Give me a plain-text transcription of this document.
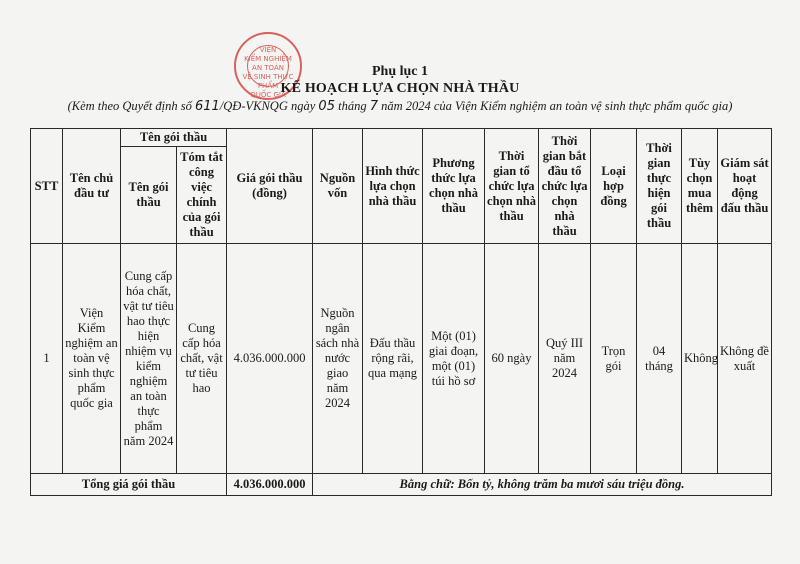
VIỆN
KIỂM NGHIỆM
AN TOÀN
VỆ SINH THỰC PHẨM
QUỐC GIA
Phụ lục 1
KẾ HOẠCH LỰA CHỌN NHÀ THẦU
(Kèm theo Quyết định số 611/QĐ-VKNQG ngày 05 tháng 7 năm 2024 của Viện Kiểm nghiệm an toàn vệ sinh thực phẩm quốc gia)
STT	Tên chủ đầu tư	Tên gói thầu		Giá gói thầu (đồng)	Nguồn vốn	Hình thức lựa chọn nhà thầu	Phương thức lựa chọn nhà thầu	Thời gian tổ chức lựa chọn nhà thầu	Thời gian bắt đầu tổ chức lựa chọn nhà thầu	Loại hợp đồng	Thời gian thực hiện gói thầu	Tùy chọn mua thêm	Giám sát hoạt động đấu thầu
		Tên gói thầu	Tóm tắt công việc chính của gói thầu										
1	Viện Kiểm nghiệm an toàn vệ sinh thực phẩm quốc gia	Cung cấp hóa chất, vật tư tiêu hao thực hiện nhiệm vụ kiểm nghiệm an toàn thực phẩm năm 2024	Cung cấp hóa chất, vật tư tiêu hao	4.036.000.000	Nguồn ngân sách nhà nước giao năm 2024	Đấu thầu rộng rãi, qua mạng	Một (01) giai đoạn, một (01) túi hồ sơ	60 ngày	Quý III năm 2024	Trọn gói	04 tháng	Không	Không đề xuất
Tổng giá gói thầu				4.036.000.000	Bằng chữ: Bốn tỷ, không trăm ba mươi sáu triệu đồng.								
